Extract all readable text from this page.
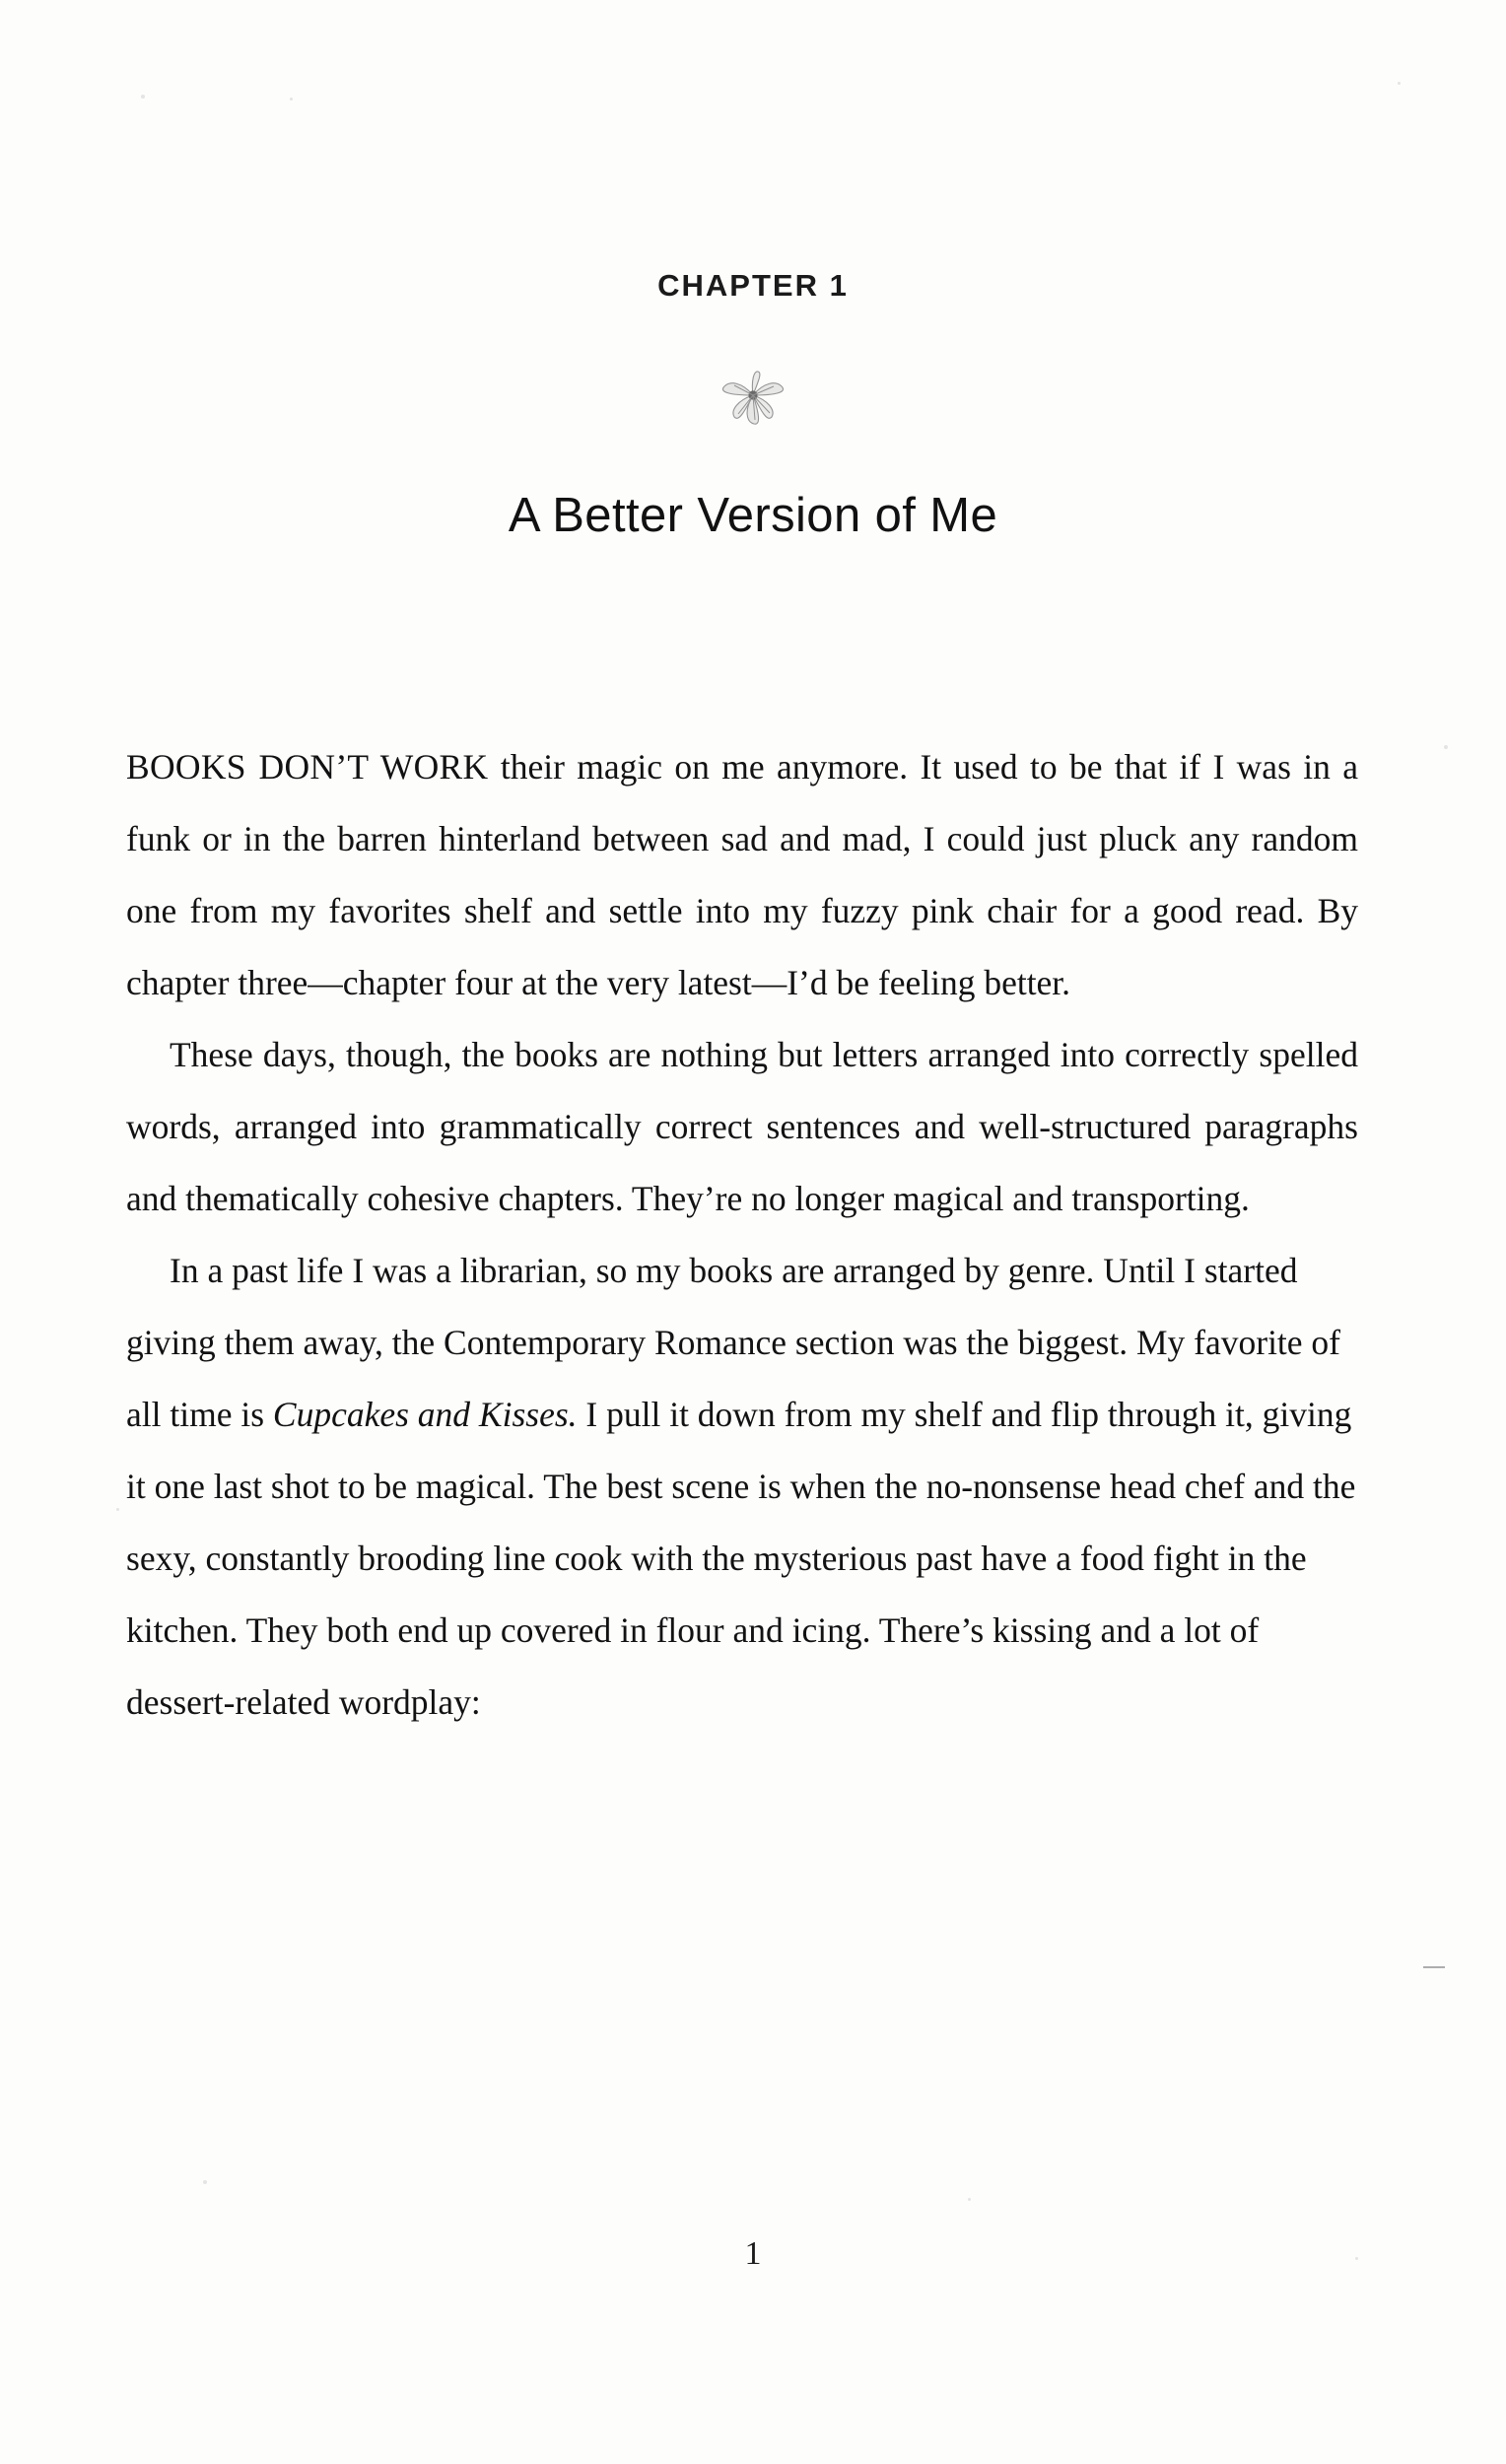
CHAPTER 1
A Better Version of Me

BOOKS DON’T WORK their magic on me anymore. It used to be that if I was in a funk or in the barren hinterland between sad and mad, I could just pluck any random one from my favorites shelf and settle into my fuzzy pink chair for a good read. By chapter three—chapter four at the very latest—I’d be feeling better.

These days, though, the books are nothing but letters arranged into correctly spelled words, arranged into grammatically correct sentences and well-structured paragraphs and thematically cohesive chapters. They’re no longer magical and transporting.

In a past life I was a librarian, so my books are arranged by genre. Until I started giving them away, the Contemporary Romance section was the biggest. My favorite of all time is Cupcakes and Kisses. I pull it down from my shelf and flip through it, giving it one last shot to be magical. The best scene is when the no-nonsense head chef and the sexy, constantly brooding line cook with the mysterious past have a food fight in the kitchen. They both end up covered in flour and icing. There’s kissing and a lot of dessert-related wordplay:

1
